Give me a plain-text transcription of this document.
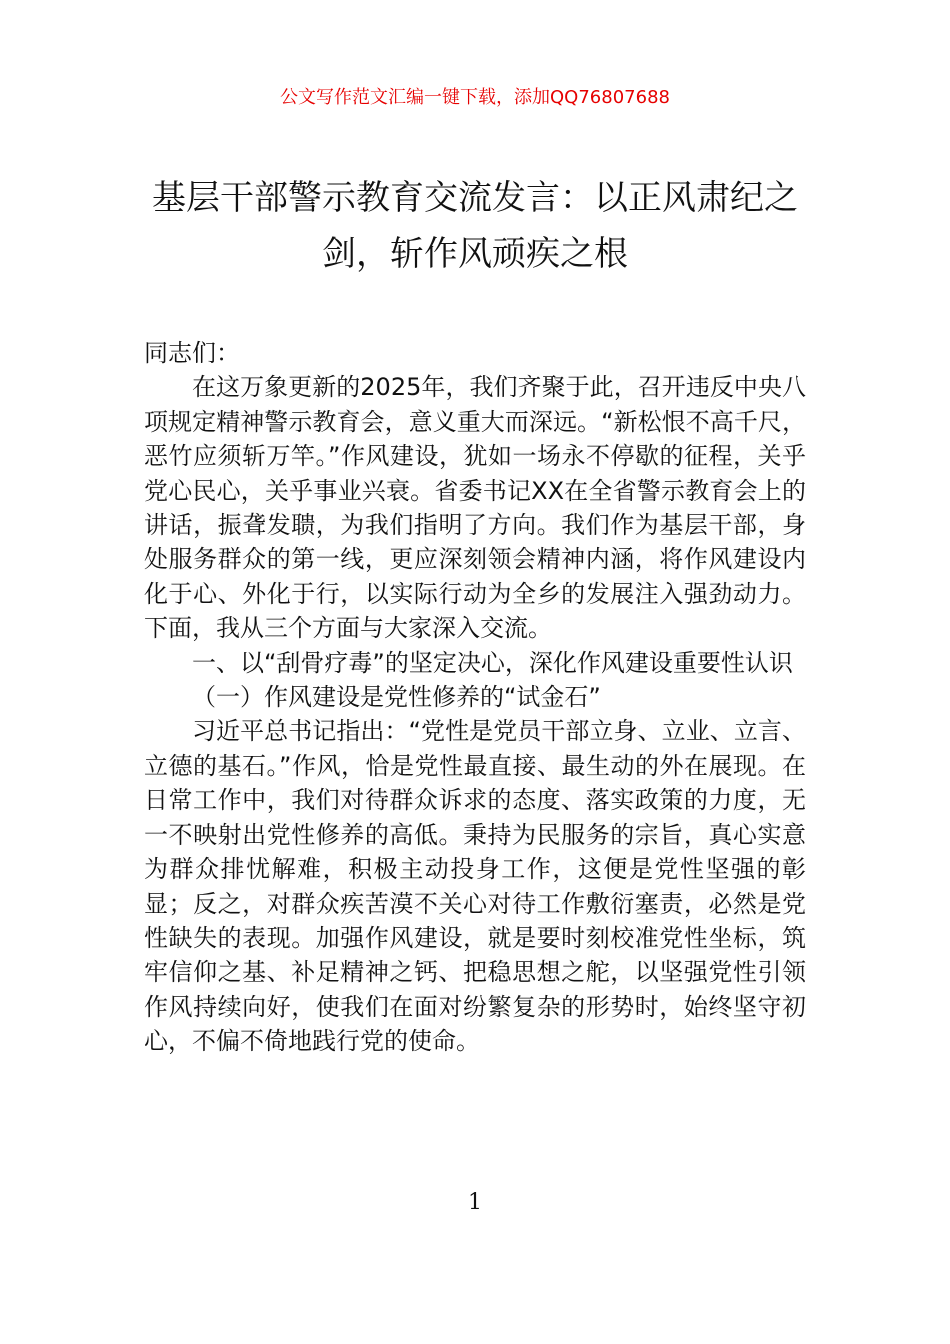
公文写作范文汇编一键下载，添加QQ76807688
基层干部警示教育交流发言：以正风肃纪之剑，斩作风顽疾之根

同志们：

在这万象更新的2025年，我们齐聚于此，召开违反中央八项规定精神警示教育会，意义重大而深远。“新松恨不高千尺，恶竹应须斩万竿。”作风建设，犹如一场永不停歇的征程，关乎党心民心，关乎事业兴衰。省委书记XX在全省警示教育会上的讲话，振聋发聩，为我们指明了方向。我们作为基层干部，身处服务群众的第一线，更应深刻领会精神内涵，将作风建设内化于心、外化于行，以实际行动为全乡的发展注入强劲动力。下面，我从三个方面与大家深入交流。

一、以“刮骨疗毒”的坚定决心，深化作风建设重要性认识

（一）作风建设是党性修养的“试金石”

习近平总书记指出：“党性是党员干部立身、立业、立言、立德的基石。”作风，恰是党性最直接、最生动的外在展现。在日常工作中，我们对待群众诉求的态度、落实政策的力度，无一不映射出党性修养的高低。秉持为民服务的宗旨，真心实意为群众排忧解难，积极主动投身工作，这便是党性坚强的彰显；反之，对群众疾苦漠不关心对待工作敷衍塞责，必然是党性缺失的表现。加强作风建设，就是要时刻校准党性坐标，筑牢信仰之基、补足精神之钙、把稳思想之舵，以坚强党性引领作风持续向好，使我们在面对纷繁复杂的形势时，始终坚守初心，不偏不倚地践行党的使命。

1
